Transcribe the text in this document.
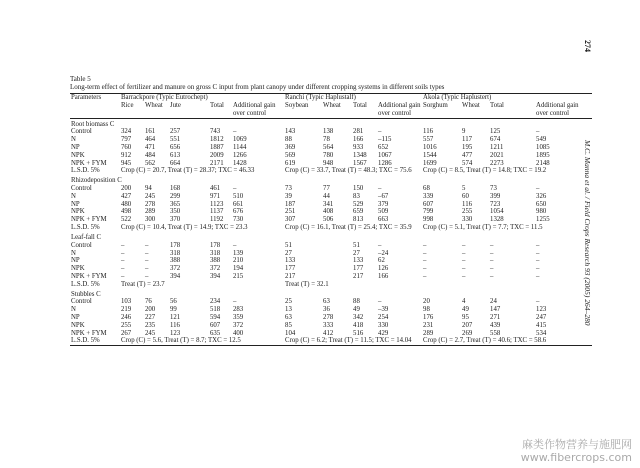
274
M.C. Manna et al. / Field Crops Research 93 (2005) 264–280
Table 5
Long-term effect of fertilizer and manure on gross C input from plant canopy under different cropping systems in different soils types
Parameters	Barrackpore (Typic Eutrochept)					Ranchi (Typic Haplustalf)				Akola (Typic Haplustert)				
	Rice	Wheat	Jute	Total	Additional gain over control	Soybean	Wheat	Total	Additional gain over control	Sorghum	Wheat	Total		Additional gain over control

Root biomass C														
Control	324	161	257	743	–	143	138	281	–	116	9	125		–
N	797	464	551	1812	1069	88	78	166	–115	557	117	674		549
NP	760	471	656	1887	1144	369	564	933	652	1016	195	1211		1085
NPK	912	484	613	2009	1266	569	780	1348	1067	1544	477	2021		1895
NPK + FYM	945	562	664	2171	1428	619	948	1567	1286	1699	574	2273		2148
L.S.D. 5%	Crop (C) = 20.7, Treat (T) = 28.37; TXC = 46.33					Crop (C) = 33.7, Treat (T) = 48.3; TXC = 75.6				Crop (C) = 8.5, Treat (T) = 14.8; TXC = 19.2				
Rhizodeposition C														
Control	200	94	168	461	–	73	77	150	–	68	5	73		–
N	427	245	299	971	510	39	44	83	–67	339	60	399		326
NP	480	278	365	1123	661	187	341	529	379	607	116	723		650
NPK	498	289	350	1137	676	251	408	659	509	799	255	1054		980
NPK + FYM	522	300	370	1192	730	307	506	813	663	998	330	1328		1255
L.S.D. 5%	Crop (C) = 10.4, Treat (T) = 14.9; TXC = 23.3					Crop (C) = 16.1, Treat (T) = 25.4; TXC = 35.9				Crop (C) = 5.1, Treat (T) = 7.7; TXC = 11.5				
Leaf-fall C														
Control	–	–	178	178	–	51		51	–	–	–	–		–
N	–	–	318	318	139	27		27	–24	–	–	–		–
NP	–	–	388	388	210	133		133	62	–	–	–		–
NPK	–	–	372	372	194	177		177	126	–	–	–		–
NPK + FYM	–	–	394	394	215	217		217	166	–	–	–		–
L.S.D. 5%	Treat (T) = 23.7					Treat (T) = 32.1								
Stubbles C														
Control	103	76	56	234	–	25	63	88	–	20	4	24		–
N	219	200	99	518	283	13	36	49	–39	98	49	147		123
NP	246	227	121	594	359	63	278	342	254	176	95	271		247
NPK	255	235	116	607	372	85	333	418	330	231	207	439		415
NPK + FYM	267	245	123	635	400	104	412	516	429	289	269	558		534
L.S.D. 5%	Crop (C) = 5.6, Treat (T) = 8.7; TXC = 12.5					Crop (C) = 6.2; Treat (T) = 11.5; TXC = 14.04				Crop (C) = 2.7, Treat (T) = 40.6; TXC = 58.6				
麻类作物营养与施肥网
www.fibercrops.com
